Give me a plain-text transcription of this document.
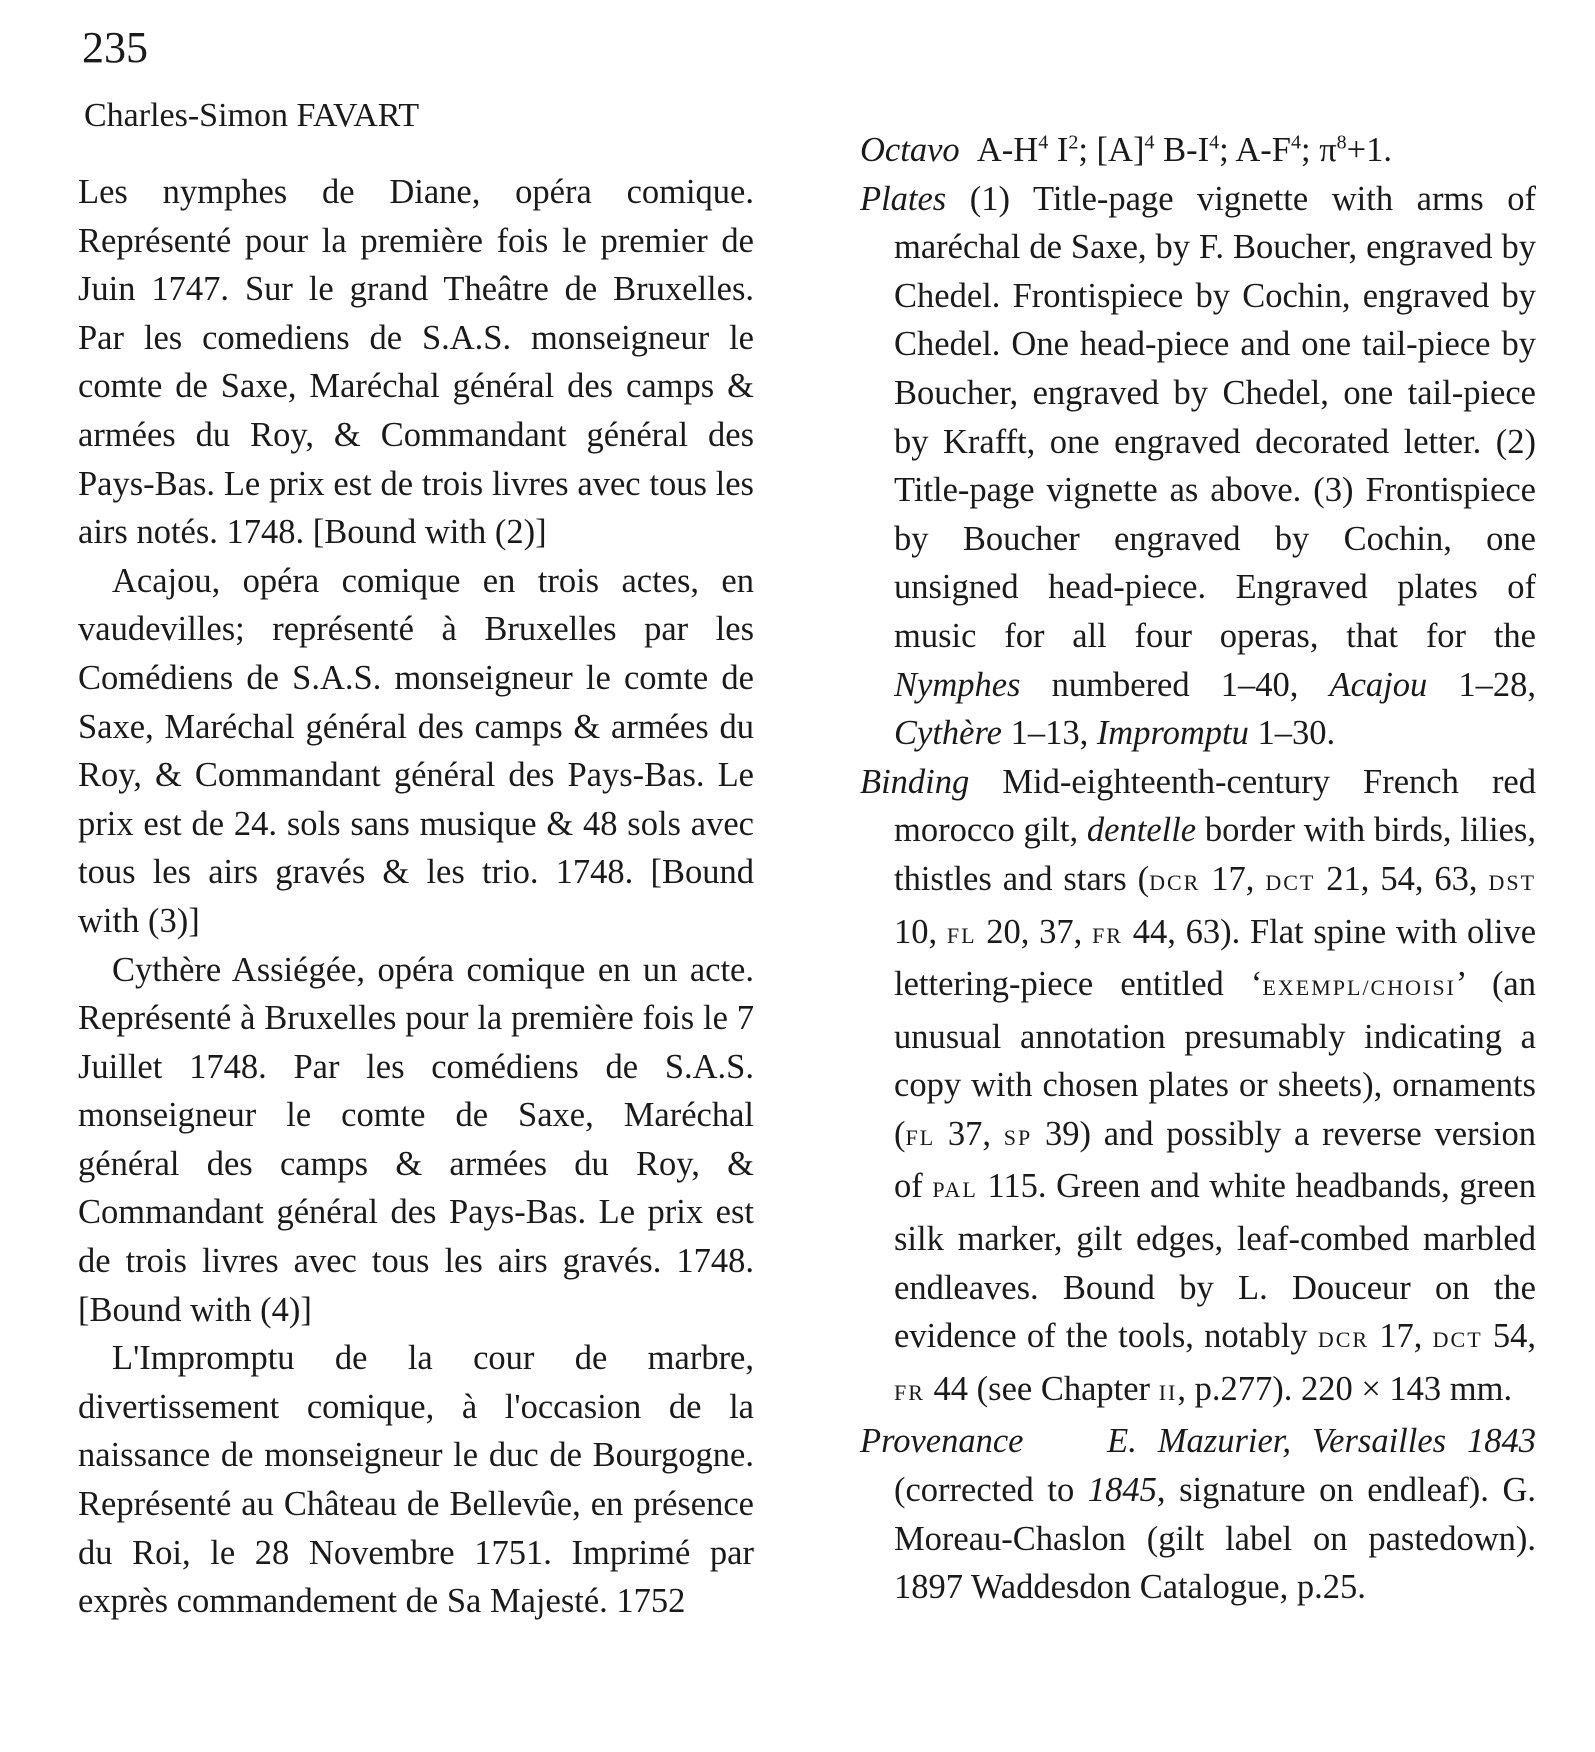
235
Charles-Simon FAVART

Les nymphes de Diane, opéra comique. Représenté pour la première fois le premier de Juin 1747. Sur le grand Theâtre de Bruxelles. Par les comediens de S.A.S. monseigneur le comte de Saxe, Maréchal général des camps & armées du Roy, & Commandant général des Pays-Bas. Le prix est de trois livres avec tous les airs notés. 1748. [Bound with (2)]

Acajou, opéra comique en trois actes, en vaudevilles; représenté à Bruxelles par les Comédiens de S.A.S. monseigneur le comte de Saxe, Maréchal général des camps & armées du Roy, & Commandant général des Pays-Bas. Le prix est de 24. sols sans musique & 48 sols avec tous les airs gravés & les trio. 1748. [Bound with (3)]

Cythère Assiégée, opéra comique en un acte. Représenté à Bruxelles pour la première fois le 7 Juillet 1748. Par les comédiens de S.A.S. monseigneur le comte de Saxe, Maréchal général des camps & armées du Roy, & Commandant général des Pays-Bas. Le prix est de trois livres avec tous les airs gravés. 1748. [Bound with (4)]

L'Impromptu de la cour de marbre, divertissement comique, à l'occasion de la naissance de monseigneur le duc de Bourgogne. Représenté au Château de Bellevûe, en présence du Roi, le 28 Novembre 1751. Imprimé par exprès commandement de Sa Majesté. 1752

Octavo $A-H^4$ $I^2$; $[A]^4$ $B-I^4$; $A-F^4$; $\pi^8+1$.

Plates (1) Title-page vignette with arms of maréchal de Saxe, by F. Boucher, engraved by Chedel. Frontispiece by Cochin, engraved by Chedel. One head-piece and one tail-piece by Boucher, engraved by Chedel, one tail-piece by Krafft, one engraved decorated letter. (2) Title-page vignette as above. (3) Frontispiece by Boucher engraved by Cochin, one unsigned head-piece. Engraved plates of music for all four operas, that for the Nymphes numbered 1–40, Acajou 1–28, Cythère 1–13, Impromptu 1–30.

Binding Mid-eighteenth-century French red morocco gilt, dentelle border with birds, lilies, thistles and stars (DCR 17, DCT 21, 54, 63, DST 10, FL 20, 37, FR 44, 63). Flat spine with olive lettering-piece entitled ‘EXEMPL/CHOISI’ (an unusual annotation presumably indicating a copy with chosen plates or sheets), ornaments (FL 37, SP 39) and possibly a reverse version of PAL 115. Green and white headbands, green silk marker, gilt edges, leaf-combed marbled endleaves. Bound by L. Douceur on the evidence of the tools, notably DCR 17, DCT 54, FR 44 (see Chapter II, p.277). 220 × 143 mm.

Provenance E. Mazurier, Versailles 1843 (corrected to 1845, signature on endleaf). G. Moreau-Chaslon (gilt label on pastedown). 1897 Waddesdon Catalogue, p.25.
